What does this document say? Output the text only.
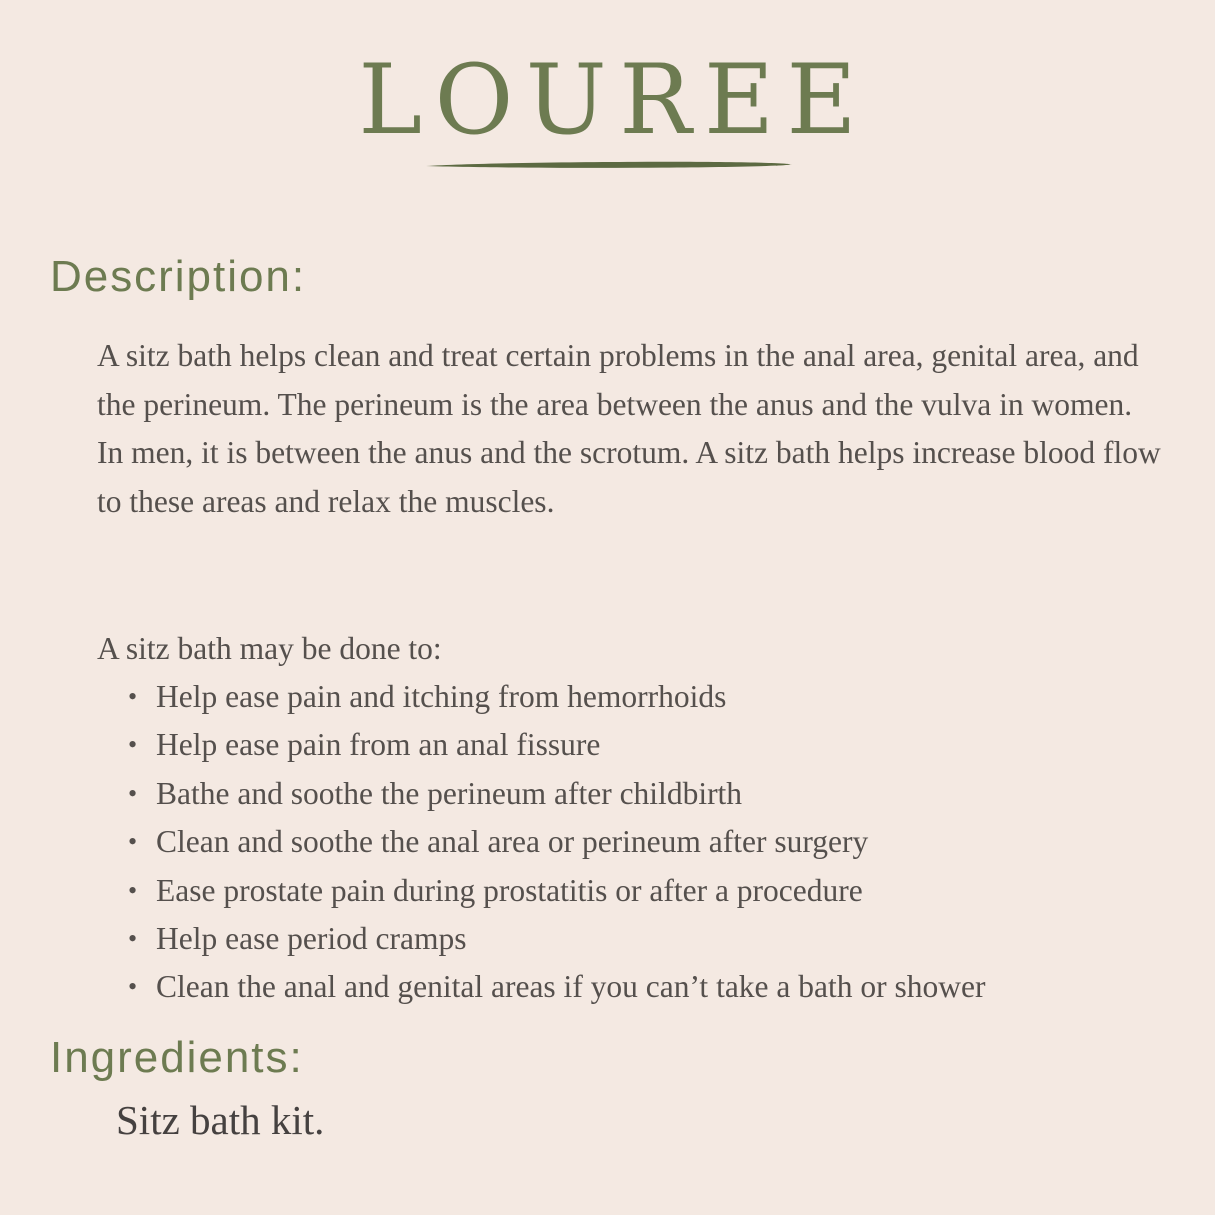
LOUREE
Description:

A sitz bath helps clean and treat certain problems in the anal area, genital area, and the perineum. The perineum is the area between the anus and the vulva in women. In men, it is between the anus and the scrotum. A sitz bath helps increase blood flow to these areas and relax the muscles.

A sitz bath may be done to:

• Help ease pain and itching from hemorrhoids
• Help ease pain from an anal fissure
• Bathe and soothe the perineum after childbirth
• Clean and soothe the anal area or perineum after surgery
• Ease prostate pain during prostatitis or after a procedure
• Help ease period cramps
• Clean the anal and genital areas if you can’t take a bath or shower
Ingredients:

Sitz bath kit.
